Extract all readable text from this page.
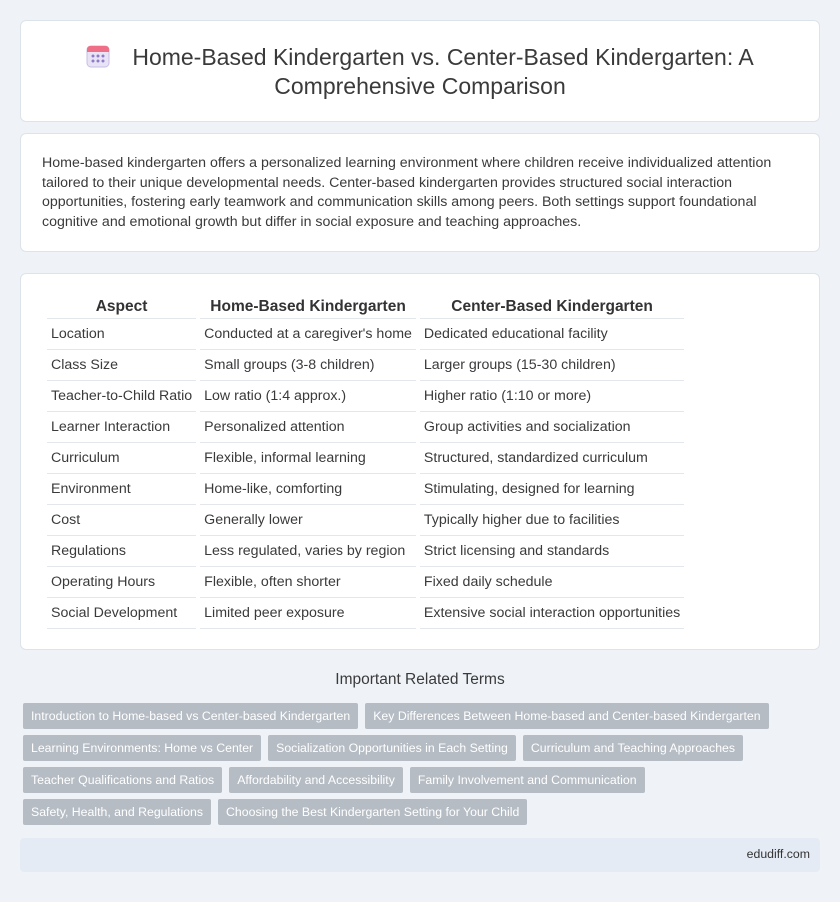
Home-Based Kindergarten vs. Center-Based Kindergarten: A Comprehensive Comparison

Home-based kindergarten offers a personalized learning environment where children receive individualized attention tailored to their unique developmental needs. Center-based kindergarten provides structured social interaction opportunities, fostering early teamwork and communication skills among peers. Both settings support foundational cognitive and emotional growth but differ in social exposure and teaching approaches.

Aspect	Home-Based Kindergarten	Center-Based Kindergarten
Location	Conducted at a caregiver's home	Dedicated educational facility
Class Size	Small groups (3-8 children)	Larger groups (15-30 children)
Teacher-to-Child Ratio	Low ratio (1:4 approx.)	Higher ratio (1:10 or more)
Learner Interaction	Personalized attention	Group activities and socialization
Curriculum	Flexible, informal learning	Structured, standardized curriculum
Environment	Home-like, comforting	Stimulating, designed for learning
Cost	Generally lower	Typically higher due to facilities
Regulations	Less regulated, varies by region	Strict licensing and standards
Operating Hours	Flexible, often shorter	Fixed daily schedule
Social Development	Limited peer exposure	Extensive social interaction opportunities
Important Related Terms
Introduction to Home-based vs Center-based Kindergarten	Key Differences Between Home-based and Center-based Kindergarten
Learning Environments: Home vs Center	Socialization Opportunities in Each Setting	Curriculum and Teaching Approaches
Teacher Qualifications and Ratios	Affordability and Accessibility	Family Involvement and Communication
Safety, Health, and Regulations	Choosing the Best Kindergarten Setting for Your Child
edudiff.com
